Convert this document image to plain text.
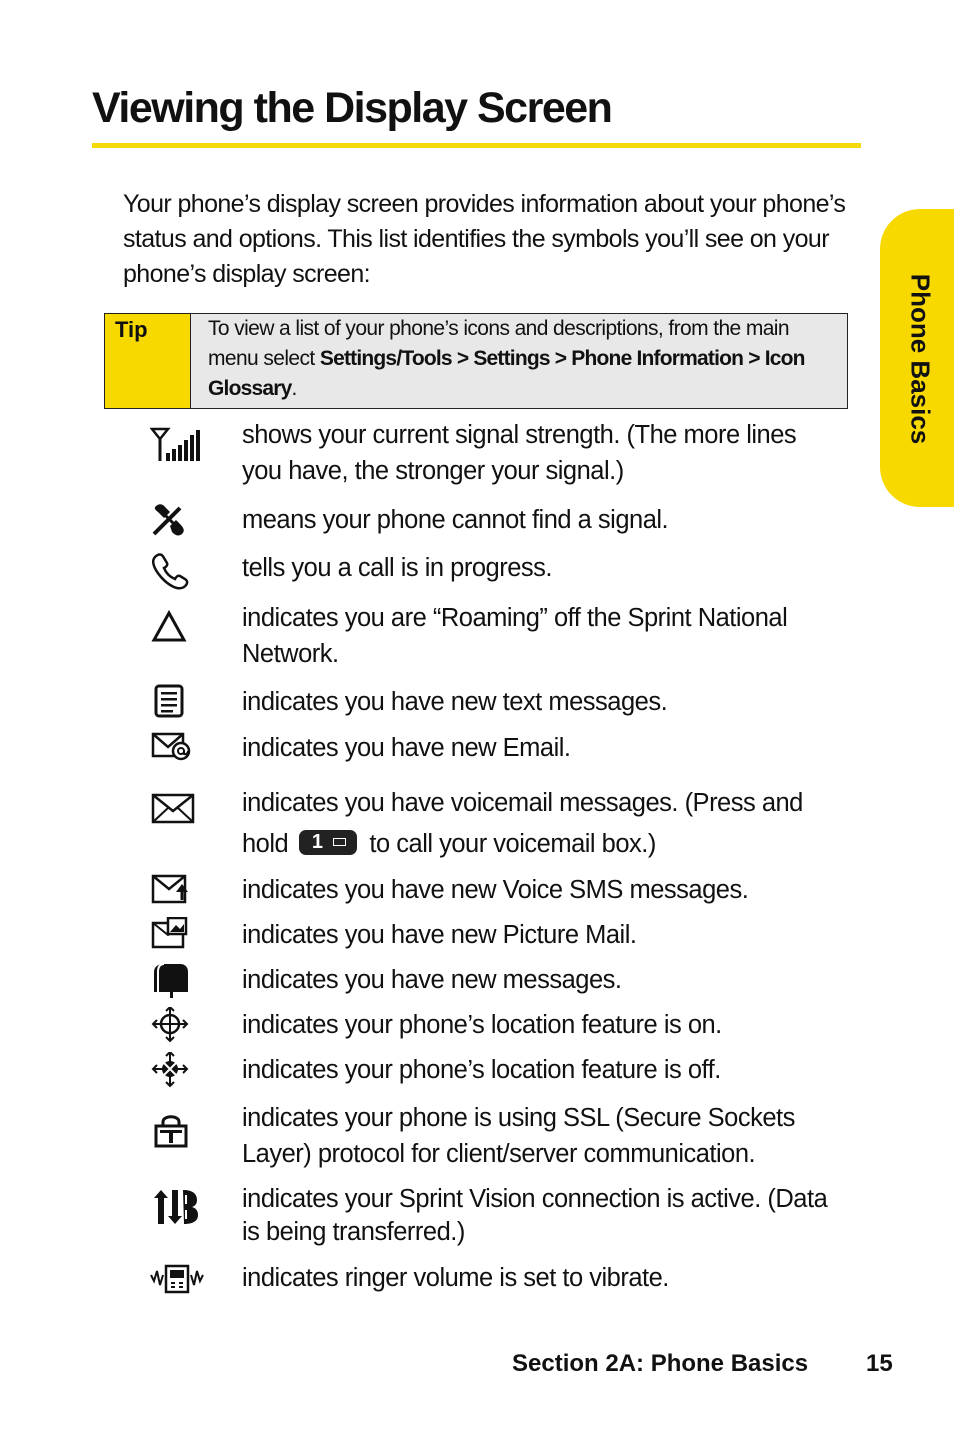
Viewing the Display Screen

Your phone’s display screen provides information about your phone’s status and options. This list identifies the symbols you’ll see on your phone’s display screen:

Tip	To view a list of your phone’s icons and descriptions, from the main menu select Settings/Tools > Settings > Phone Information > Icon Glossary.	Phone Basics

shows your current signal strength. (The more lines you have, the stronger your signal.)

means your phone cannot find a signal.

tells you a call is in progress.

indicates you are “Roaming” off the Sprint National Network.

indicates you have new text messages.

indicates you have new Email.

indicates you have voicemail messages. (Press and hold 1 to call your voicemail box.)

indicates you have new Voice SMS messages.

indicates you have new Picture Mail.

indicates you have new messages.

indicates your phone’s location feature is on.

indicates your phone’s location feature is off.

indicates your phone is using SSL (Secure Sockets Layer) protocol for client/server communication.

indicates your Sprint Vision connection is active. (Data is being transferred.)

indicates ringer volume is set to vibrate.

Section 2A: Phone Basics 15
